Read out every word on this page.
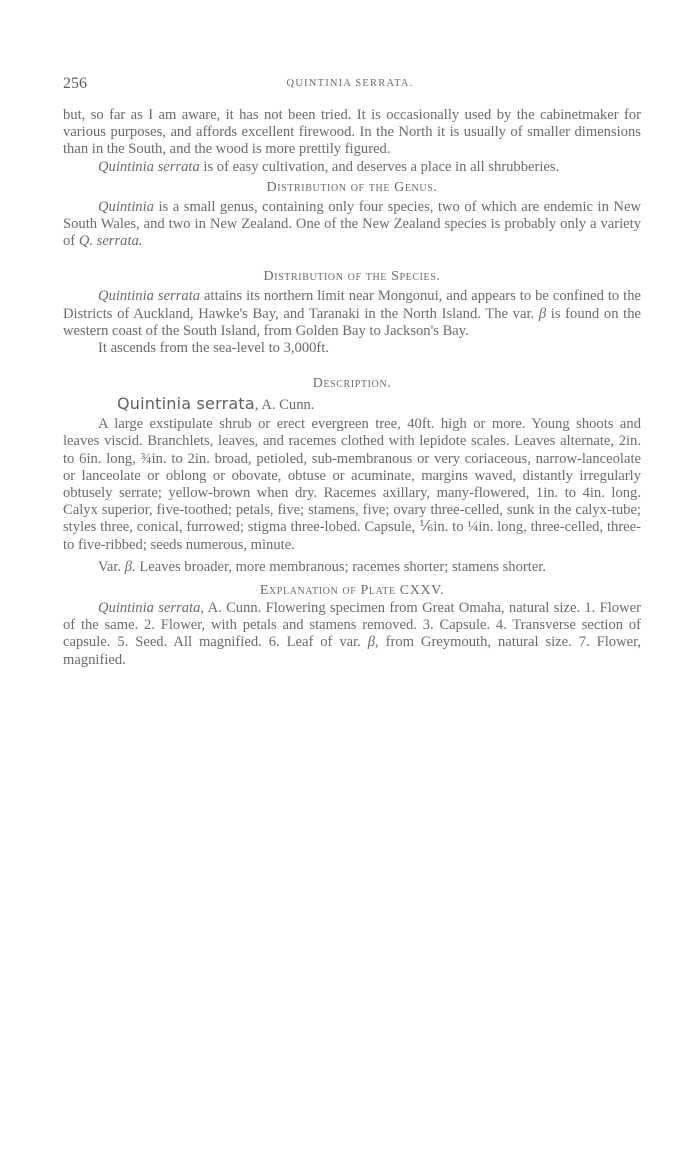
256	QUINTINIA SERRATA.

but, so far as I am aware, it has not been tried. It is occasionally used by the cabinetmaker for various purposes, and affords excellent firewood. In the North it is usually of smaller dimensions than in the South, and the wood is more prettily figured.

Quintinia serrata is of easy cultivation, and deserves a place in all shrubberies.

Distribution of the Genus.

Quintinia is a small genus, containing only four species, two of which are endemic in New South Wales, and two in New Zealand. One of the New Zealand species is probably only a variety of Q. serrata.

Distribution of the Species.

Quintinia serrata attains its northern limit near Mongonui, and appears to be confined to the Districts of Auckland, Hawke's Bay, and Taranaki in the North Island. The var. β is found on the western coast of the South Island, from Golden Bay to Jackson's Bay.

It ascends from the sea-level to 3,000ft.

Description.
Quintinia serrata, A. Cunn.

A large exstipulate shrub or erect evergreen tree, 40ft. high or more. Young shoots and leaves viscid. Branchlets, leaves, and racemes clothed with lepidote scales. Leaves alternate, 2in. to 6in. long, ¾in. to 2in. broad, petioled, sub-membranous or very coriaceous, narrow-lanceolate or lanceolate or oblong or obovate, obtuse or acuminate, margins waved, distantly irregularly obtusely serrate; yellow-brown when dry. Racemes axillary, many-flowered, 1in. to 4in. long. Calyx superior, five-toothed; petals, five; stamens, five; ovary three-celled, sunk in the calyx-tube; styles three, conical, furrowed; stigma three-lobed. Capsule, ⅙in. to ¼in. long, three-celled, three- to five-ribbed; seeds numerous, minute.

Var. β. Leaves broader, more membranous; racemes shorter; stamens shorter.

Explanation of Plate CXXV.

Quintinia serrata, A. Cunn. Flowering specimen from Great Omaha, natural size. 1. Flower of the same. 2. Flower, with petals and stamens removed. 3. Capsule. 4. Transverse section of capsule. 5. Seed. All magnified. 6. Leaf of var. β, from Greymouth, natural size. 7. Flower, magnified.
